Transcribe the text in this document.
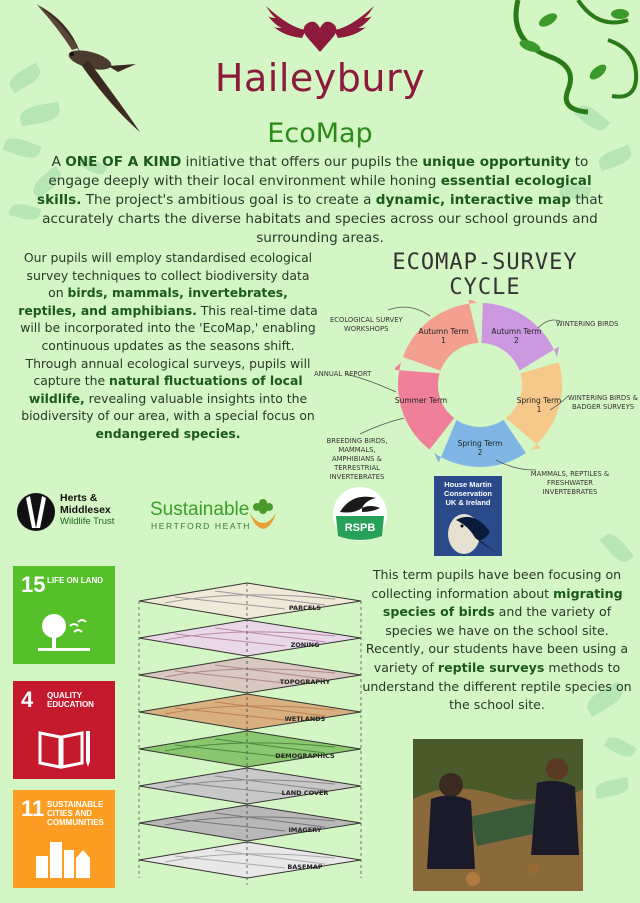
Haileybury
EcoMap
A ONE OF A KIND initiative that offers our pupils the unique opportunity to engage deeply with their local environment while honing essential ecological skills. The project's ambitious goal is to create a dynamic, interactive map that accurately charts the diverse habitats and species across our school grounds and surrounding areas.
Our pupils will employ standardised ecological survey techniques to collect biodiversity data on birds, mammals, invertebrates, reptiles, and amphibians. This real-time data will be incorporated into the 'EcoMap,' enabling continuous updates as the seasons shift. Through annual ecological surveys, pupils will capture the natural fluctuations of local wildlife, revealing valuable insights into the biodiversity of our area, with a special focus on endangered species.
ECOMAP-SURVEY CYCLE
Autumn Term 1
Autumn Term 2
Spring Term 1
Spring Term 2
Summer Term
ECOLOGICAL SURVEY
WORKSHOPS
WINTERING BIRDS
ANNUAL REPORT
WINTERING BIRDS &
BADGER SURVEYS
BREEDING BIRDS, MAMMALS,
AMPHIBIANS & TERRESTRIAL
INVERTEBRATES	MAMMALS, REPTILES &
FRESHWATER INVERTEBRATES
Herts &
Middlesex
Wildlife Trust
Sustainable
HERTFORD HEATH	RSPB
House Martin
Conservation
UK & Ireland
15 LIFE ON LAND
4 QUALITY EDUCATION
11 SUSTAINABLE CITIES AND COMMUNITIES
BASEMAP
IMAGERY
LAND COVER
DEMOGRAPHICS
WETLANDS
TOPOGRAPHY
ZONING
PARCELS
This term pupils have been focusing on collecting information about migrating species of birds and the variety of species we have on the school site. Recently, our students have been using a variety of reptile surveys methods to understand the different reptile species on the school site.
